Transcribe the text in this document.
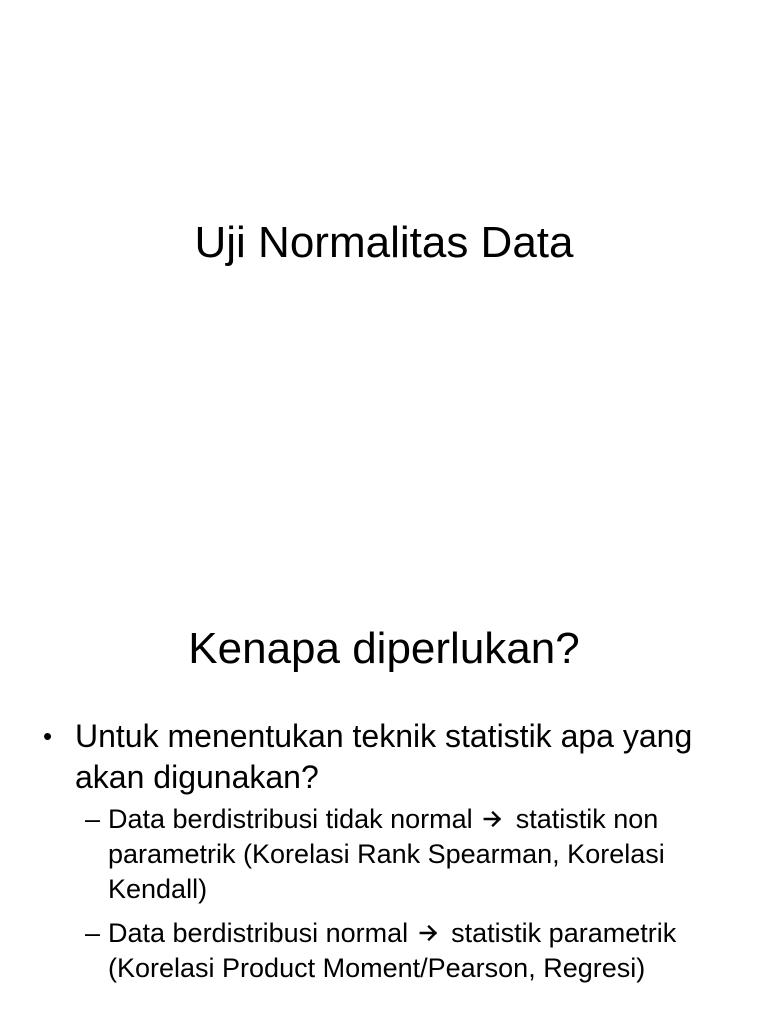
Uji Normalitas Data
Kenapa diperlukan?
• Untuk menentukan teknik statistik apa yang akan digunakan?
– Data berdistribusi tidak normal statistik non parametrik (Korelasi Rank Spearman, Korelasi Kendall)
– Data berdistribusi normal statistik parametrik (Korelasi Product Moment/Pearson, Regresi)
